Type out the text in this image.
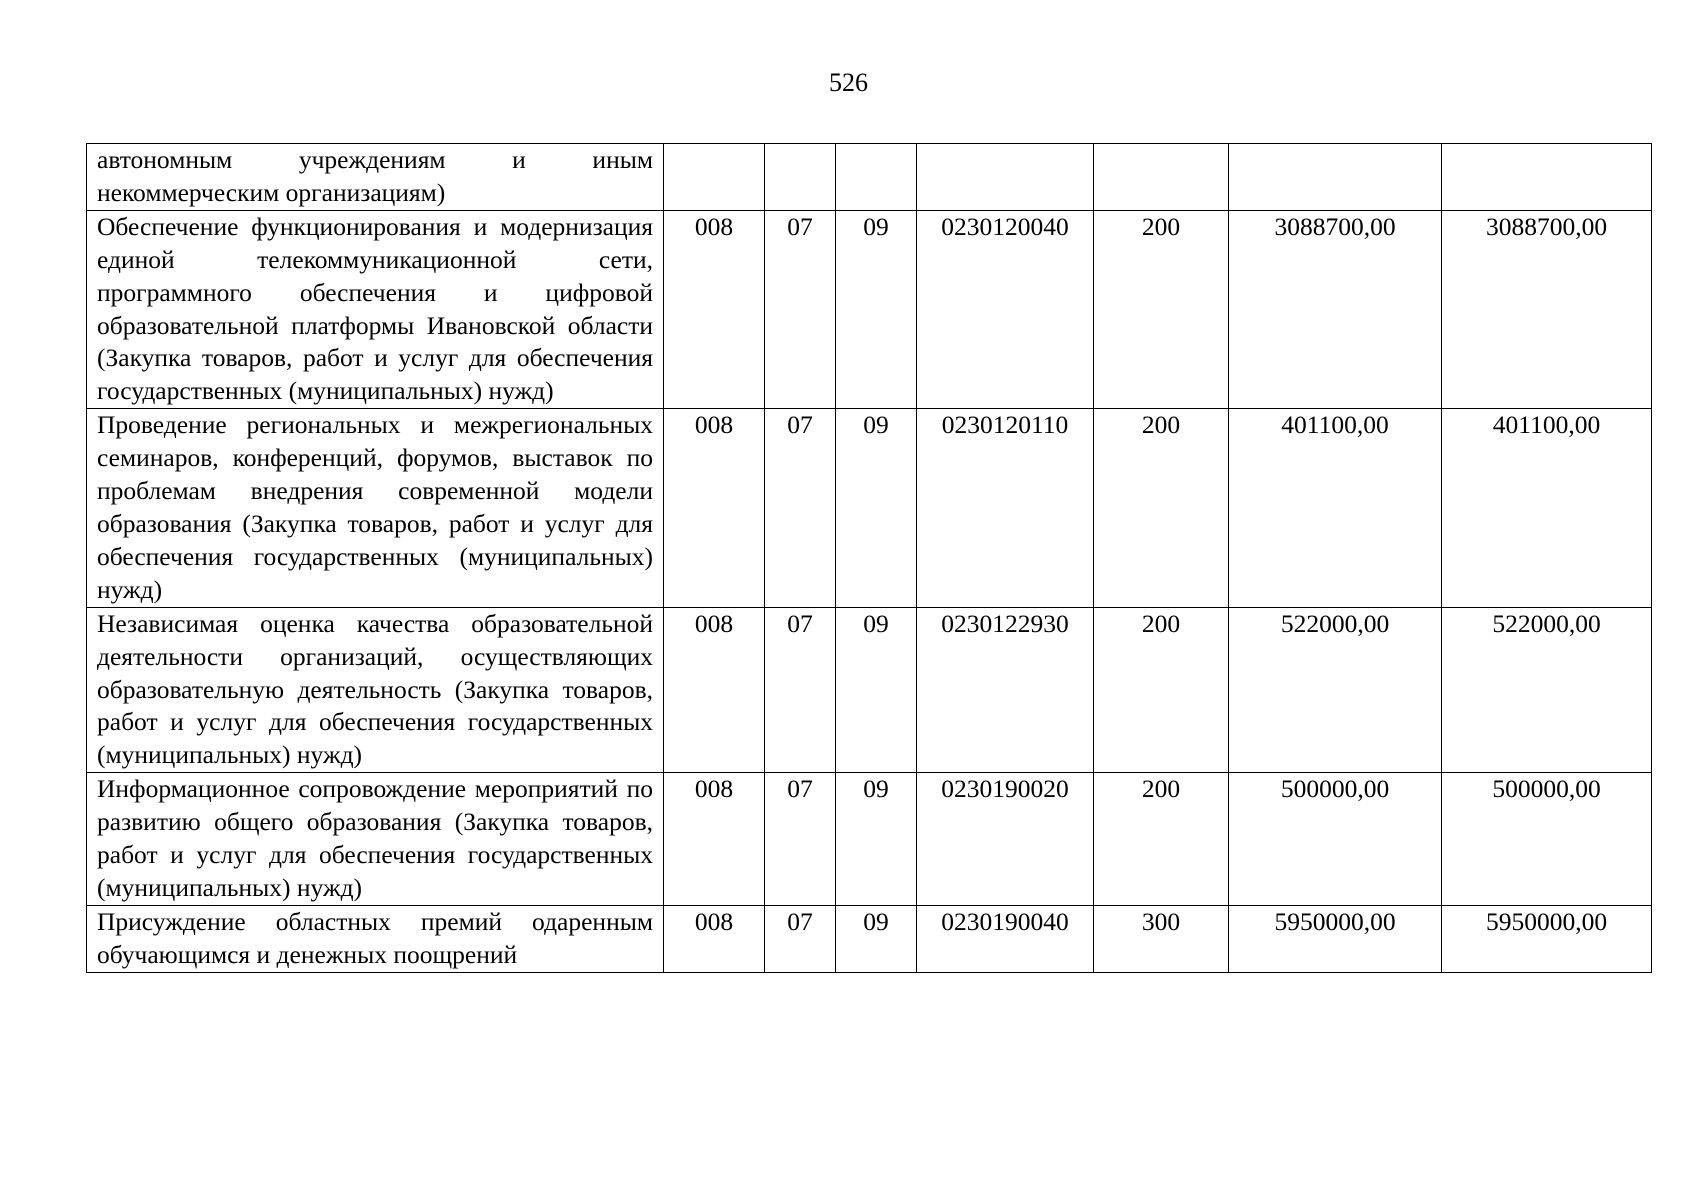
526
автономным учреждениям и иным некоммерческим организациям)							
Обеспечение функционирования и модернизация единой телекоммуникационной сети, программного обеспечения и цифровой образовательной платформы Ивановской области (Закупка товаров, работ и услуг для обеспечения государственных (муниципальных) нужд)	008	07	09	0230120040	200	3088700,00	3088700,00
Проведение региональных и межрегиональных семинаров, конференций, форумов, выставок по проблемам внедрения современной модели образования (Закупка товаров, работ и услуг для обеспечения государственных (муниципальных) нужд)	008	07	09	0230120110	200	401100,00	401100,00
Независимая оценка качества образовательной деятельности организаций, осуществляющих образовательную деятельность (Закупка товаров, работ и услуг для обеспечения государственных (муниципальных) нужд)	008	07	09	0230122930	200	522000,00	522000,00
Информационное сопровождение мероприятий по развитию общего образования (Закупка товаров, работ и услуг для обеспечения государственных (муниципальных) нужд)	008	07	09	0230190020	200	500000,00	500000,00
Присуждение областных премий одаренным обучающимся и денежных поощрений	008	07	09	0230190040	300	5950000,00	5950000,00
